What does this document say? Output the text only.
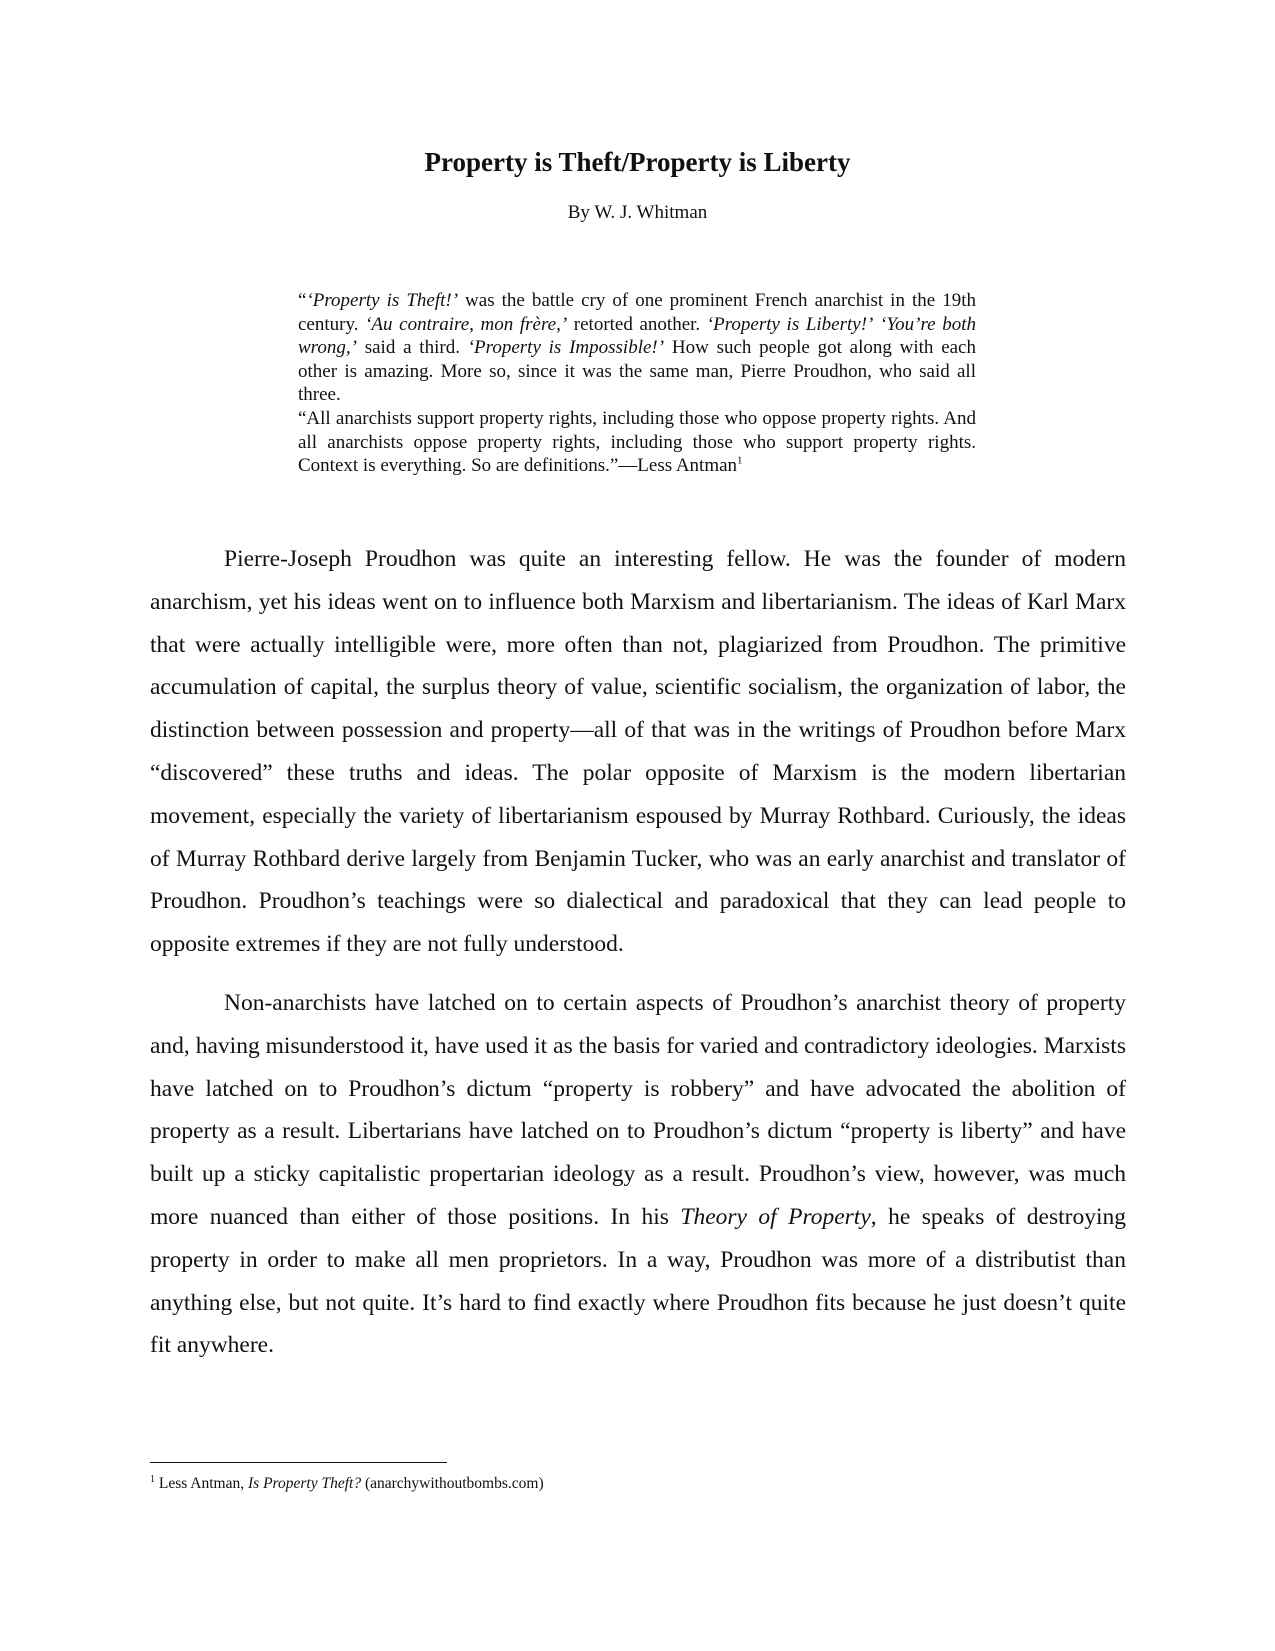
Property is Theft/Property is Liberty
By W. J. Whitman

“‘Property is Theft!’ was the battle cry of one prominent French anarchist in the 19th century. ‘Au contraire, mon frère,’ retorted another. ‘Property is Liberty!’ ‘You’re both wrong,’ said a third. ‘Property is Impossible!’ How such people got along with each other is amazing. More so, since it was the same man, Pierre Proudhon, who said all three.

“All anarchists support property rights, including those who oppose property rights. And all anarchists oppose property rights, including those who support property rights. Context is everything. So are definitions.”—Less Antman$^1$

Pierre-Joseph Proudhon was quite an interesting fellow. He was the founder of modern anarchism, yet his ideas went on to influence both Marxism and libertarianism. The ideas of Karl Marx that were actually intelligible were, more often than not, plagiarized from Proudhon. The primitive accumulation of capital, the surplus theory of value, scientific socialism, the organization of labor, the distinction between possession and property—all of that was in the writings of Proudhon before Marx “discovered” these truths and ideas. The polar opposite of Marxism is the modern libertarian movement, especially the variety of libertarianism espoused by Murray Rothbard. Curiously, the ideas of Murray Rothbard derive largely from Benjamin Tucker, who was an early anarchist and translator of Proudhon. Proudhon’s teachings were so dialectical and paradoxical that they can lead people to opposite extremes if they are not fully understood.

Non-anarchists have latched on to certain aspects of Proudhon’s anarchist theory of property and, having misunderstood it, have used it as the basis for varied and contradictory ideologies. Marxists have latched on to Proudhon’s dictum “property is robbery” and have advocated the abolition of property as a result. Libertarians have latched on to Proudhon’s dictum “property is liberty” and have built up a sticky capitalistic propertarian ideology as a result. Proudhon’s view, however, was much more nuanced than either of those positions. In his Theory of Property, he speaks of destroying property in order to make all men proprietors. In a way, Proudhon was more of a distributist than anything else, but not quite. It’s hard to find exactly where Proudhon fits because he just doesn’t quite fit anywhere.

$^1$ Less Antman, Is Property Theft? (anarchywithoutbombs.com)
